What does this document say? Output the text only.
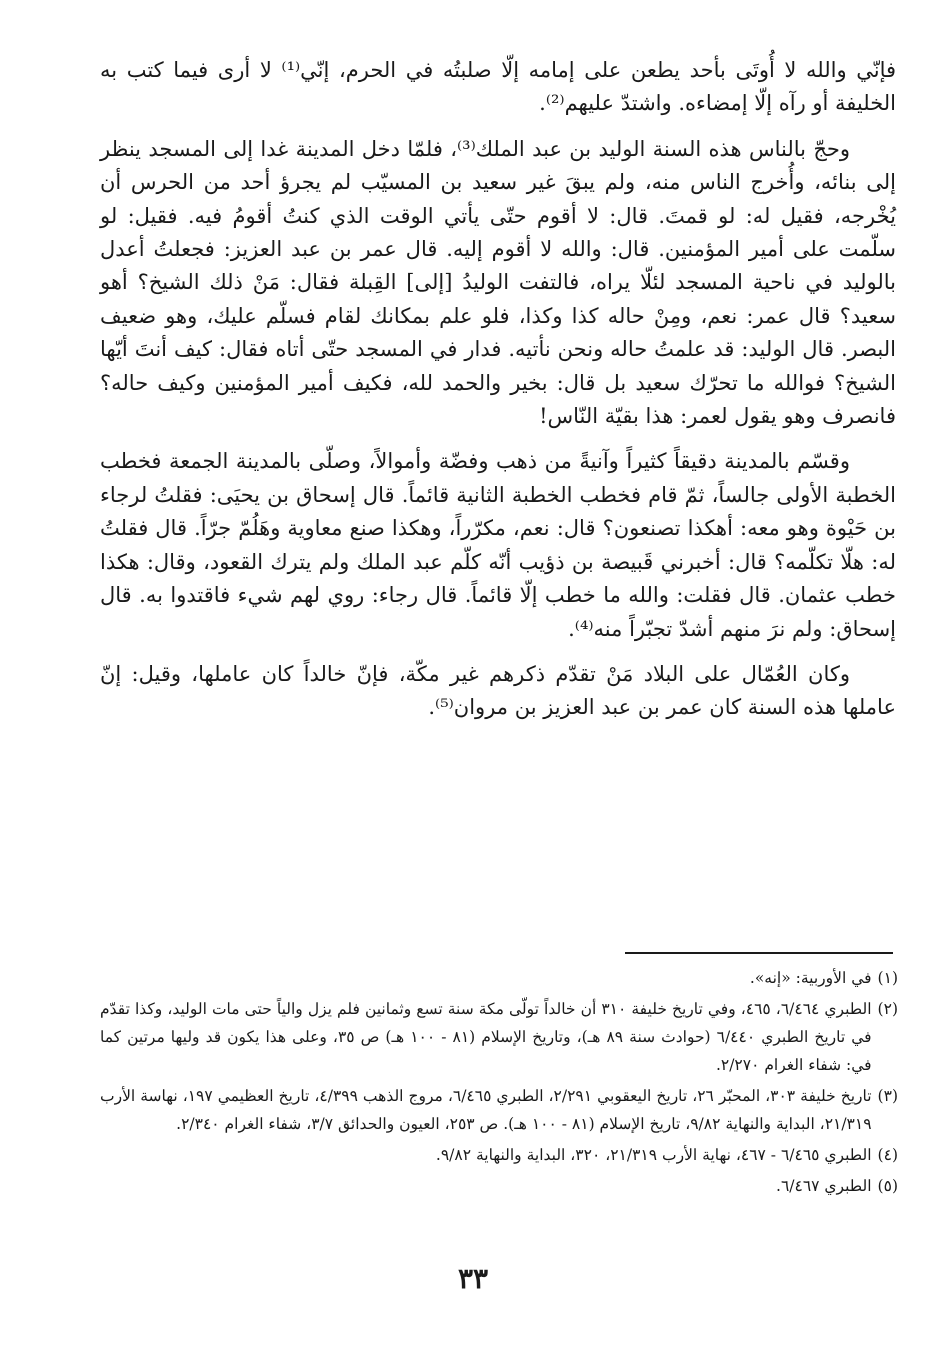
فإنّي والله لا أُوتَى بأحد يطعن على إمامه إلّا صلبتُه في الحرم، إنّي⁽¹⁾ لا أرى فيما كتب به الخليفة أو رآه إلّا إمضاءه. واشتدّ عليهم⁽²⁾.

وحجّ بالناس هذه السنة الوليد بن عبد الملك⁽³⁾، فلمّا دخل المدينة غدا إلى المسجد ينظر إلى بنائه، وأُخرج الناس منه، ولم يبقَ غير سعيد بن المسيّب لم يجرؤ أحد من الحرس أن يُخْرجه، فقيل له: لو قمتَ. قال: لا أقوم حتّى يأتي الوقت الذي كنتُ أقومُ فيه. فقيل: لو سلّمت على أمير المؤمنين. قال: والله لا أقوم إليه. قال عمر بن عبد العزيز: فجعلتُ أعدل بالوليد في ناحية المسجد لئلّا يراه، فالتفت الوليدُ [إلى] القِبلة فقال: مَنْ ذلك الشيخ؟ أهو سعيد؟ قال عمر: نعم، ومِنْ حاله كذا وكذا، فلو علم بمكانك لقام فسلّم عليك، وهو ضعيف البصر. قال الوليد: قد علمتُ حاله ونحن نأتيه. فدار في المسجد حتّى أتاه فقال: كيف أنتَ أيّها الشيخ؟ فوالله ما تحرّك سعيد بل قال: بخير والحمد لله، فكيف أمير المؤمنين وكيف حاله؟ فانصرف وهو يقول لعمر: هذا بقيّة النّاس!

وقسّم بالمدينة دقيقاً كثيراً وآنيةً من ذهب وفضّة وأموالاً، وصلّى بالمدينة الجمعة فخطب الخطبة الأولى جالساً، ثمّ قام فخطب الخطبة الثانية قائماً. قال إسحاق بن يحيَى: فقلتُ لرجاء بن حَيْوة وهو معه: أهكذا تصنعون؟ قال: نعم، مكرّراً، وهكذا صنع معاوية وهَلُمّ جرّاً. قال فقلتُ له: هلّا تكلّمه؟ قال: أخبرني قَبيصة بن ذؤيب أنّه كلّم عبد الملك ولم يترك القعود، وقال: هكذا خطب عثمان. قال فقلت: والله ما خطب إلّا قائماً. قال رجاء: روي لهم شيء فاقتدوا به. قال إسحاق: ولم نرَ منهم أشدّ تجبّراً منه⁽⁴⁾.

وكان العُمّال على البلاد مَنْ تقدّم ذكرهم غير مكّة، فإنّ خالداً كان عاملها، وقيل: إنّ عاملها هذه السنة كان عمر بن عبد العزيز بن مروان⁽⁵⁾.

(١)
في الأوربية: «إنه».
(٢)
الطبري ٦/٤٦٤، ٤٦٥، وفي تاريخ خليفة ٣١٠ أن خالداً تولّى مكة سنة تسع وثمانين فلم يزل والياً حتى مات الوليد، وكذا تقدّم في تاريخ الطبري ٦/٤٤٠ (حوادث سنة ٨٩ هـ)، وتاريخ الإسلام (٨١ - ١٠٠ هـ) ص ٣٥، وعلى هذا يكون قد وليها مرتين كما في: شفاء الغرام ٢/٢٧٠.
(٣)
تاريخ خليفة ٣٠٣، المحبّر ٢٦، تاريخ اليعقوبي ٢/٢٩١، الطبري ٦/٤٦٥، مروج الذهب ٤/٣٩٩، تاريخ العظيمي ١٩٧، نهاسة الأرب ٢١/٣١٩، البداية والنهاية ٩/٨٢، تاريخ الإسلام (٨١ - ١٠٠ هـ). ص ٢٥٣، العيون والحدائق ٣/٧، شفاء الغرام ٢/٣٤٠.
(٤)
الطبري ٦/٤٦٥ - ٤٦٧، نهاية الأرب ٢١/٣١٩، ٣٢٠، البداية والنهاية ٩/٨٢.
(٥)
الطبري ٦/٤٦٧.
٣٣
